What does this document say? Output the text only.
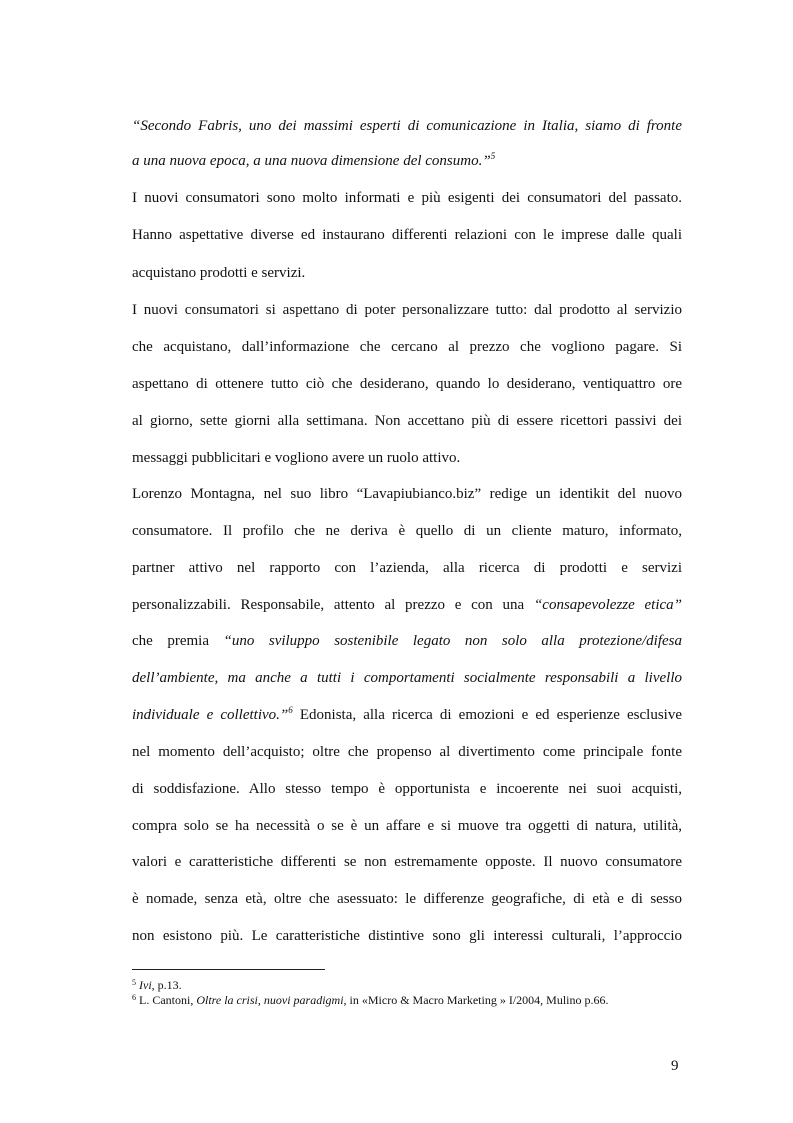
“Secondo Fabris, uno dei massimi esperti di comunicazione in Italia, siamo di fronte

a una nuova epoca, a una nuova dimensione del consumo.”$^5$

I nuovi consumatori sono molto informati e più esigenti dei consumatori del passato.

Hanno aspettative diverse ed instaurano differenti relazioni con le imprese dalle quali

acquistano prodotti e servizi.

I nuovi consumatori si aspettano di poter personalizzare tutto: dal prodotto al servizio

che acquistano, dall’informazione che cercano al prezzo che vogliono pagare. Si

aspettano di ottenere tutto ciò che desiderano, quando lo desiderano, ventiquattro ore

al giorno, sette giorni alla settimana. Non accettano più di essere ricettori passivi dei

messaggi pubblicitari e vogliono avere un ruolo attivo.

Lorenzo Montagna, nel suo libro “Lavapiubianco.biz” redige un identikit del nuovo

consumatore. Il profilo che ne deriva è quello di un cliente maturo, informato,

partner attivo nel rapporto con l’azienda, alla ricerca di prodotti e servizi

personalizzabili. Responsabile, attento al prezzo e con una “consapevolezze etica”

che premia “uno sviluppo sostenibile legato non solo alla protezione/difesa

dell’ambiente, ma anche a tutti i comportamenti socialmente responsabili a livello

individuale e collettivo.”$^6$ Edonista, alla ricerca di emozioni e ed esperienze esclusive

nel momento dell’acquisto; oltre che propenso al divertimento come principale fonte

di soddisfazione. Allo stesso tempo è opportunista e incoerente nei suoi acquisti,

compra solo se ha necessità o se è un affare e si muove tra oggetti di natura, utilità,

valori e caratteristiche differenti se non estremamente opposte. Il nuovo consumatore

è nomade, senza età, oltre che asessuato: le differenze geografiche, di età e di sesso

non esistono più. Le caratteristiche distintive sono gli interessi culturali, l’approccio

$^5$ Ivi, p.13.
$^6$ L. Cantoni, Oltre la crisi, nuovi paradigmi, in «Micro & Macro Marketing » I/2004, Mulino p.66.
9
